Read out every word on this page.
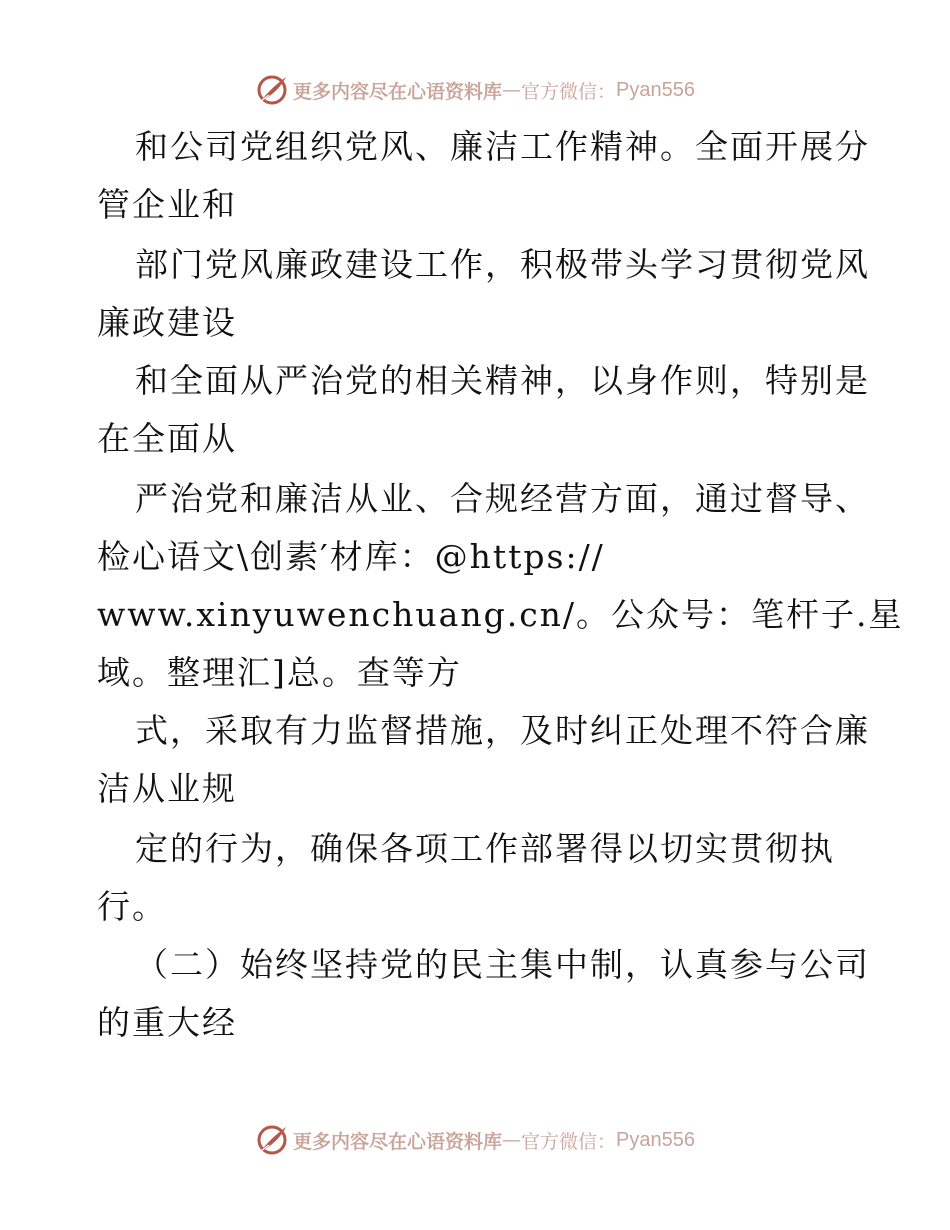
更多内容尽在心语资料库 — 官方微信： Pyan556
和公司党组织党风、廉洁工作精神。全面开展分
管企业和
部门党风廉政建设工作，积极带头学习贯彻党风
廉政建设
和全面从严治党的相关精神，以身作则，特别是
在全面从
严治党和廉洁从业、合规经营方面，通过督导、
检心语文\创素′材库：@https://
www.xinyuwenchuang.cn/。公众号：笔杆子.星
域。整理汇]总。查等方
式，采取有力监督措施，及时纠正处理不符合廉
洁从业规
定的行为，确保各项工作部署得以切实贯彻执
行。
（二）始终坚持党的民主集中制，认真参与公司
的重大经
更多内容尽在心语资料库 — 官方微信： Pyan556
